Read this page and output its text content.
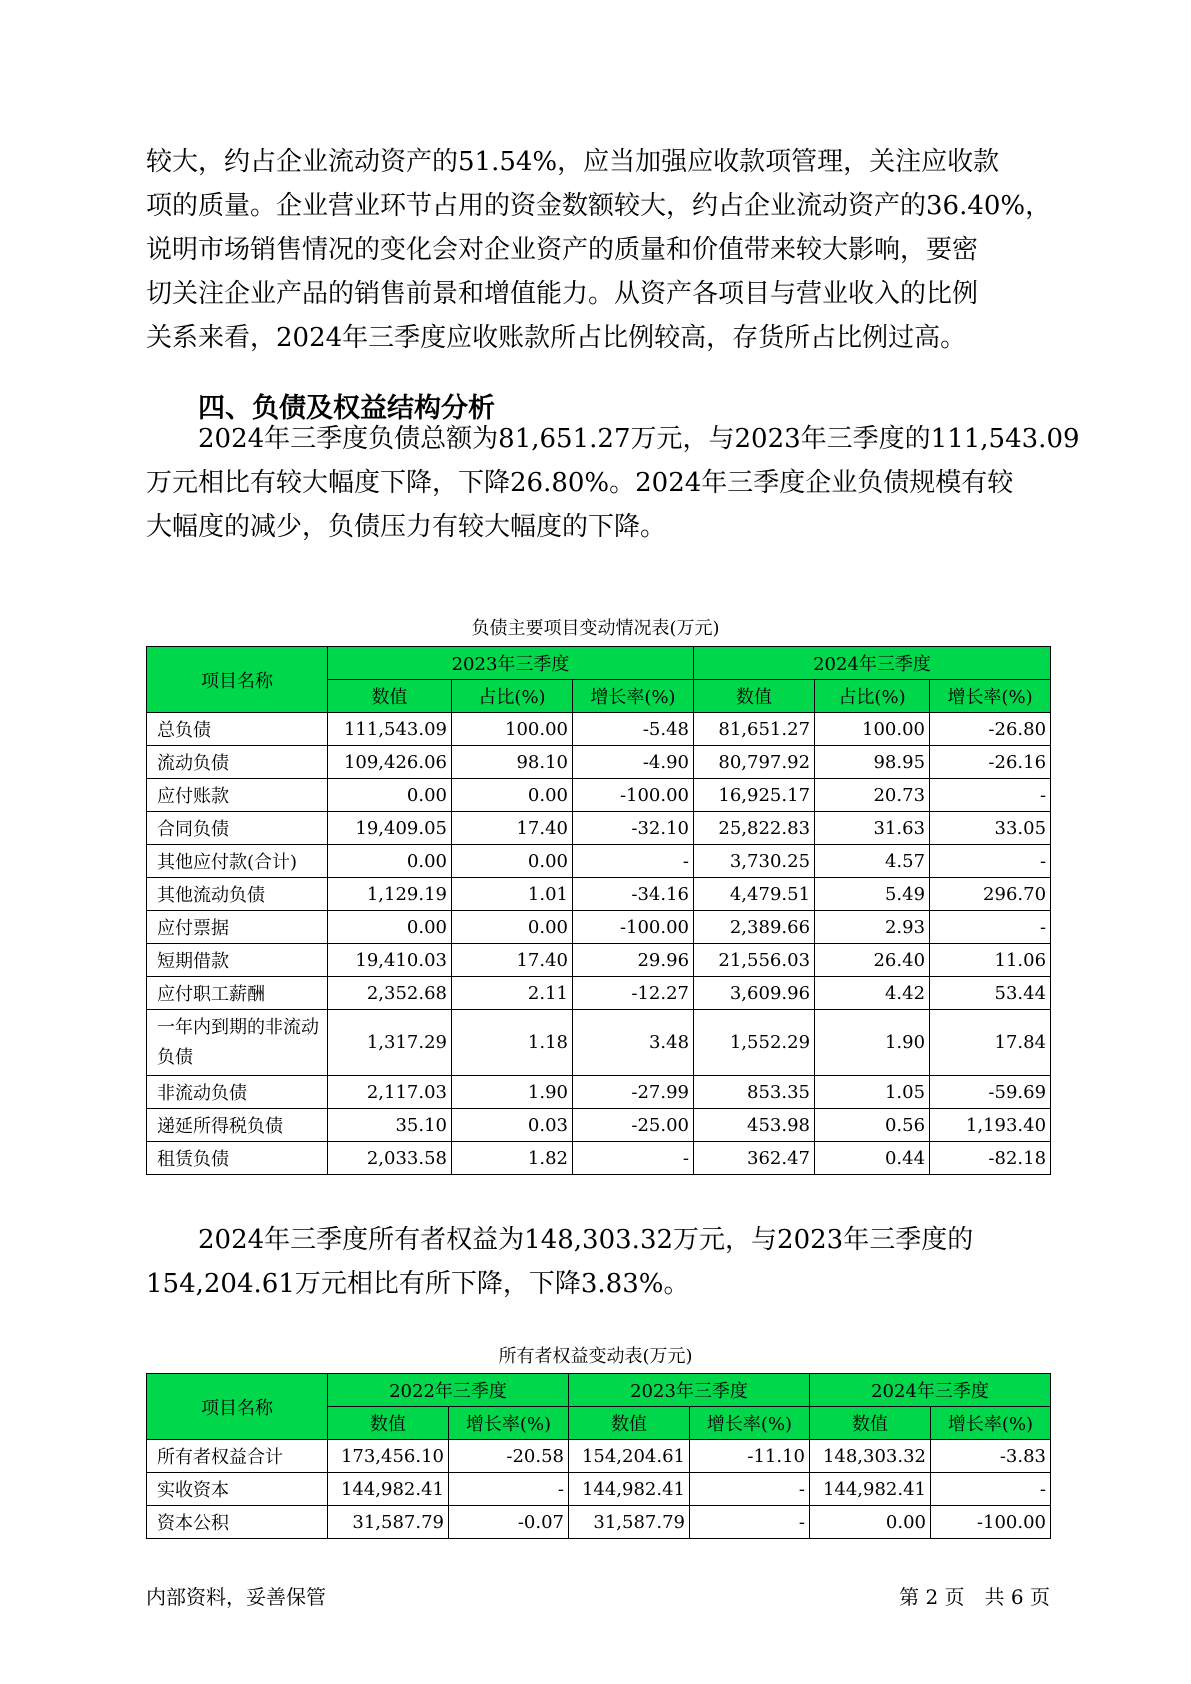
较大，约占企业流动资产的51.54%，应当加强应收款项管理，关注应收款

项的质量。企业营业环节占用的资金数额较大，约占企业流动资产的36.40%，

说明市场销售情况的变化会对企业资产的质量和价值带来较大影响，要密

切关注企业产品的销售前景和增值能力。从资产各项目与营业收入的比例

关系来看，2024年三季度应收账款所占比例较高，存货所占比例过高。

四、负债及权益结构分析

2024年三季度负债总额为81,651.27万元，与2023年三季度的111,543.09

万元相比有较大幅度下降，下降26.80%。2024年三季度企业负债规模有较

大幅度的减少，负债压力有较大幅度的下降。

负债主要项目变动情况表(万元)
项目名称	2023年三季度			2024年三季度		
	数值	占比(%)	增长率(%)	数值	占比(%)	增长率(%)
总负债	111,543.09	100.00	-5.48	81,651.27	100.00	-26.80
流动负债	109,426.06	98.10	-4.90	80,797.92	98.95	-26.16
应付账款	0.00	0.00	-100.00	16,925.17	20.73	-
合同负债	19,409.05	17.40	-32.10	25,822.83	31.63	33.05
其他应付款(合计)	0.00	0.00	-	3,730.25	4.57	-
其他流动负债	1,129.19	1.01	-34.16	4,479.51	5.49	296.70
应付票据	0.00	0.00	-100.00	2,389.66	2.93	-
短期借款	19,410.03	17.40	29.96	21,556.03	26.40	11.06
应付职工薪酬	2,352.68	2.11	-12.27	3,609.96	4.42	53.44
一年内到期的非流动负债	1,317.29	1.18	3.48	1,552.29	1.90	17.84
非流动负债	2,117.03	1.90	-27.99	853.35	1.05	-59.69
递延所得税负债	35.10	0.03	-25.00	453.98	0.56	1,193.40
租赁负债	2,033.58	1.82	-	362.47	0.44	-82.18

2024年三季度所有者权益为148,303.32万元，与2023年三季度的

154,204.61万元相比有所下降，下降3.83%。

所有者权益变动表(万元)
项目名称	2022年三季度		2023年三季度		2024年三季度	
	数值	增长率(%)	数值	增长率(%)	数值	增长率(%)
所有者权益合计	173,456.10	-20.58	154,204.61	-11.10	148,303.32	-3.83
实收资本	144,982.41	-	144,982.41	-	144,982.41	-
资本公积	31,587.79	-0.07	31,587.79	-	0.00	-100.00
内部资料，妥善保管	第 2 页　共 6 页
